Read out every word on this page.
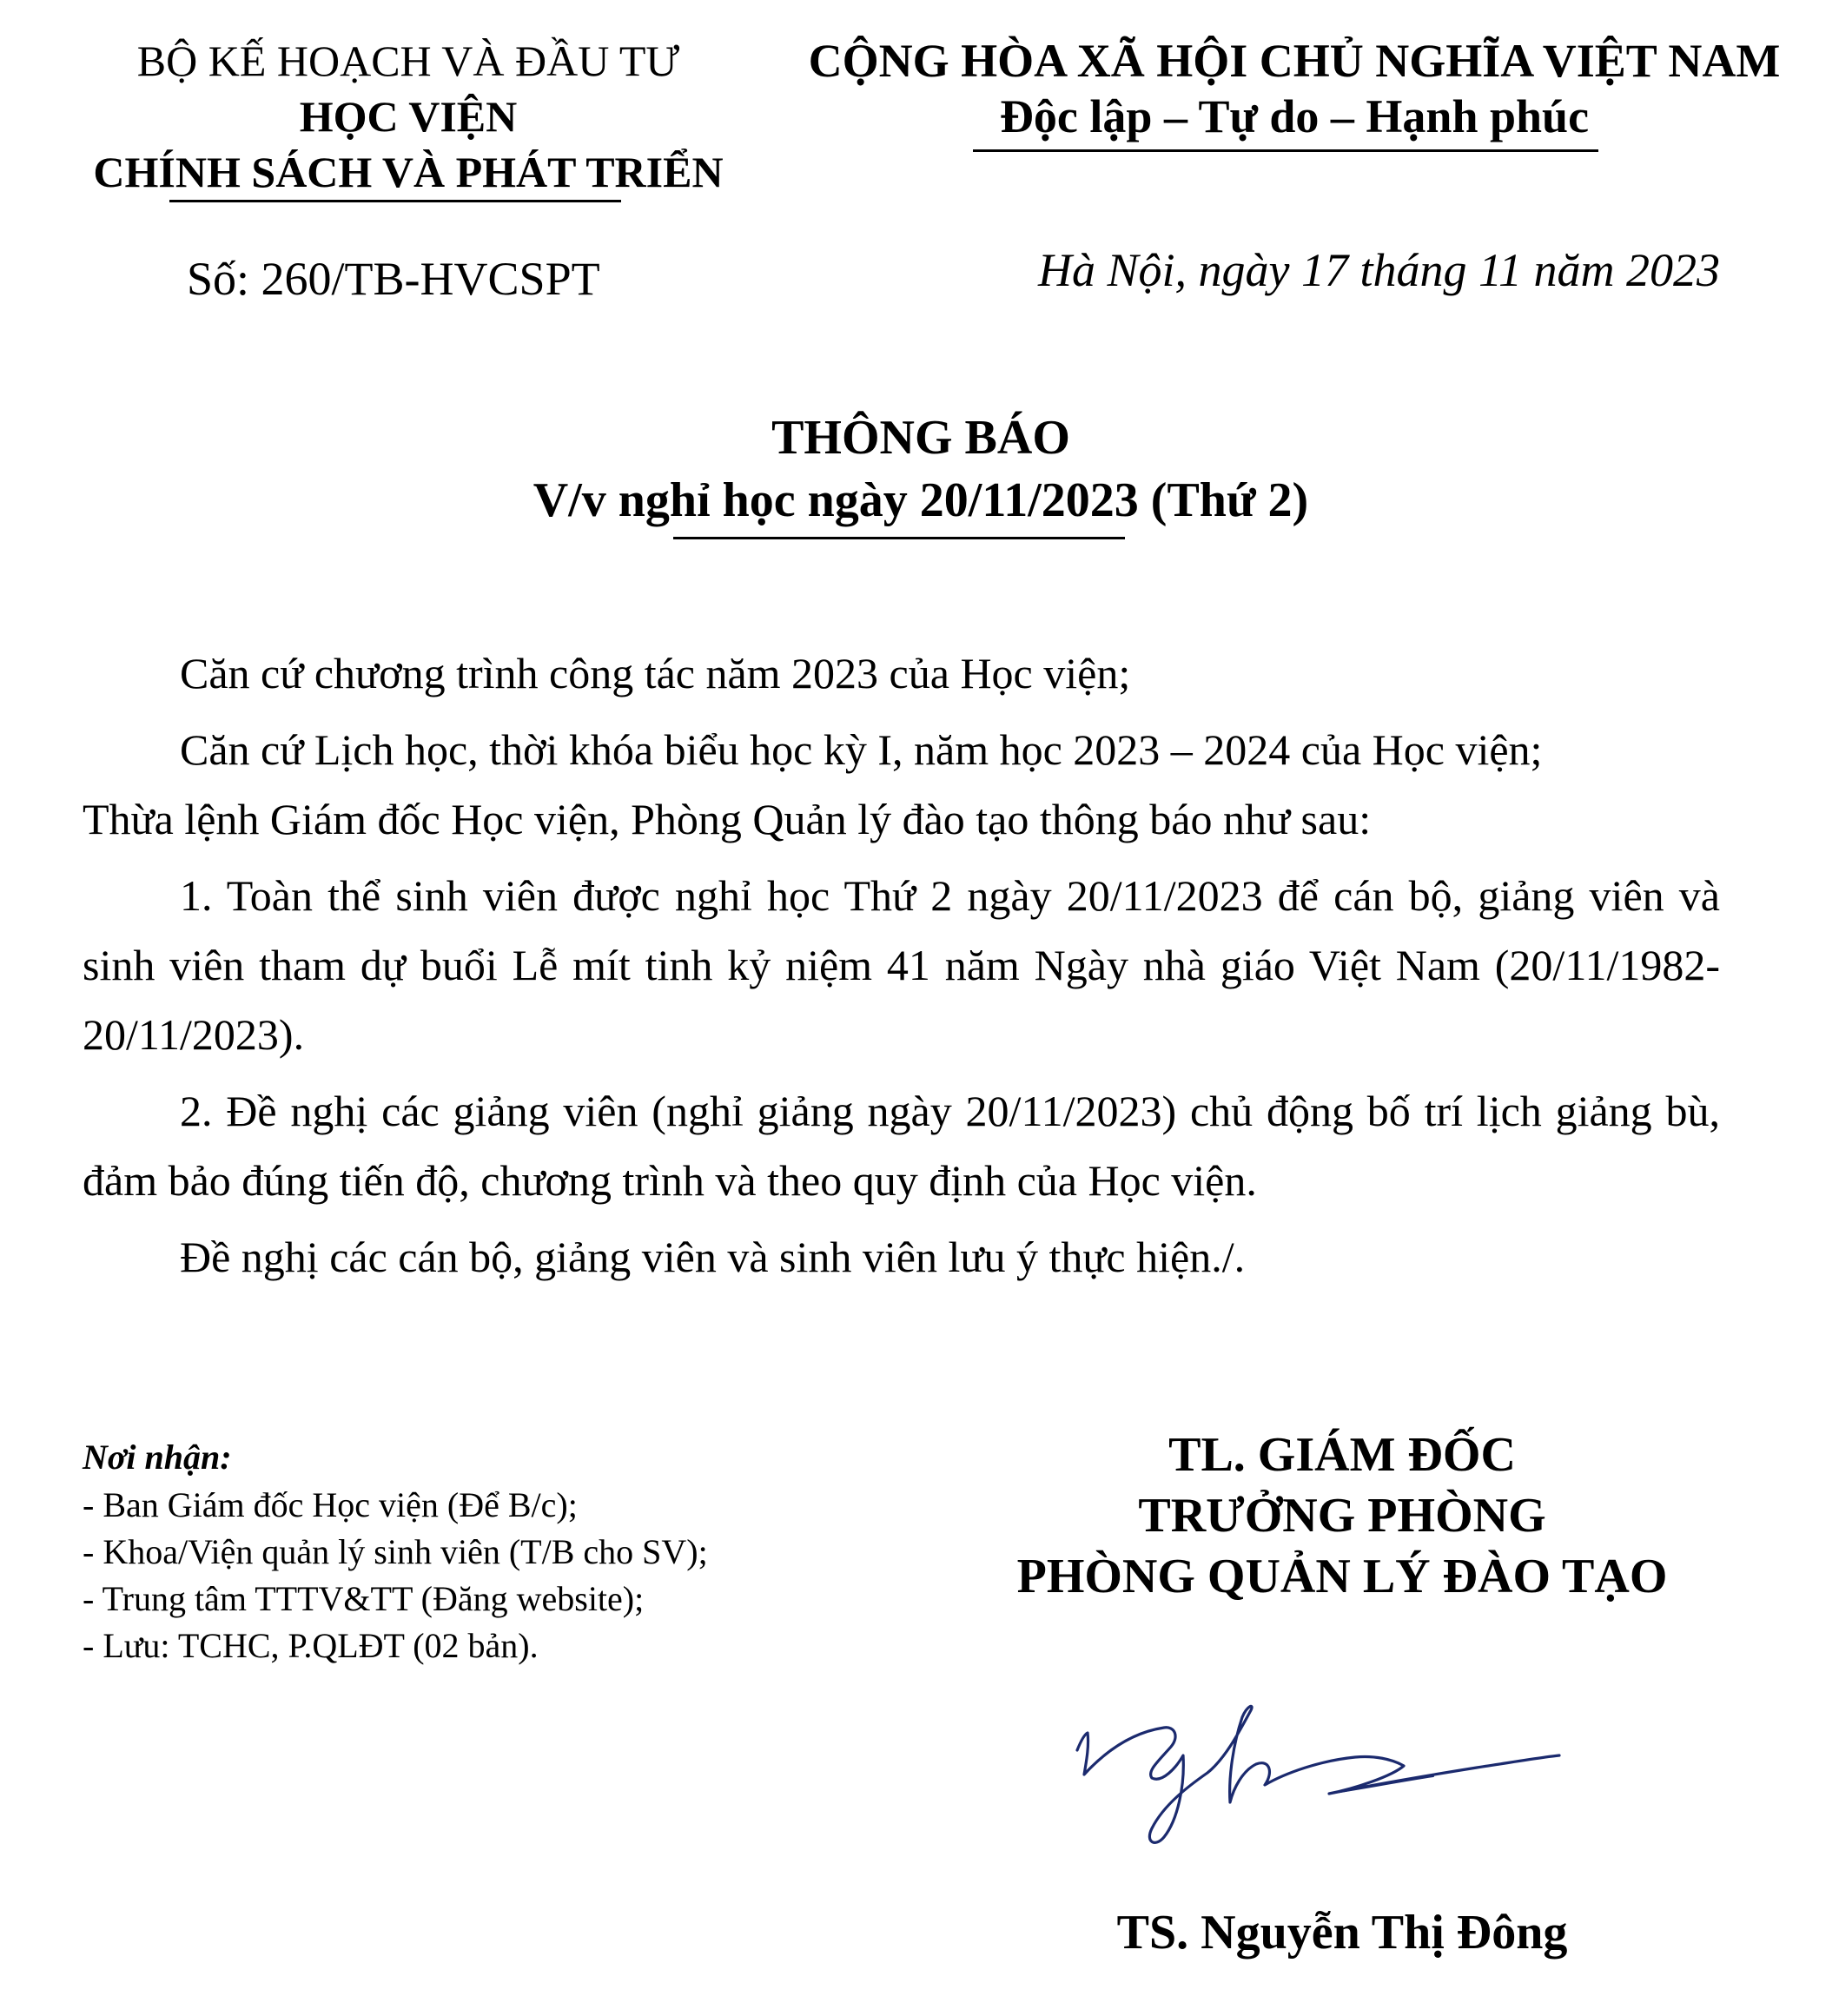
BỘ KẾ HOẠCH VÀ ĐẦU TƯ
HỌC VIỆN
CHÍNH SÁCH VÀ PHÁT TRIỂN
CỘNG HÒA XÃ HỘI CHỦ NGHĨA VIỆT NAM
Độc lập – Tự do – Hạnh phúc
Số: 260/TB-HVCSPT	Hà Nội, ngày 17 tháng 11 năm 2023
THÔNG BÁO
V/v nghỉ học ngày 20/11/2023 (Thứ 2)

Căn cứ chương trình công tác năm 2023 của Học viện;

Căn cứ Lịch học, thời khóa biểu học kỳ I, năm học 2023 – 2024 của Học viện;

Thừa lệnh Giám đốc Học viện, Phòng Quản lý đào tạo thông báo như sau:

1. Toàn thể sinh viên được nghỉ học Thứ 2 ngày 20/11/2023 để cán bộ, giảng viên và sinh viên tham dự buổi Lễ mít tinh kỷ niệm 41 năm Ngày nhà giáo Việt Nam (20/11/1982-20/11/2023).

2. Đề nghị các giảng viên (nghỉ giảng ngày 20/11/2023) chủ động bố trí lịch giảng bù, đảm bảo đúng tiến độ, chương trình và theo quy định của Học viện.

Đề nghị các cán bộ, giảng viên và sinh viên lưu ý thực hiện./.

Nơi nhận:
- Ban Giám đốc Học viện (Để B/c);
- Khoa/Viện quản lý sinh viên (T/B cho SV);
- Trung tâm TTTV&TT (Đăng website);
- Lưu: TCHC, P.QLĐT (02 bản).
TL. GIÁM ĐỐC
TRƯỞNG PHÒNG
PHÒNG QUẢN LÝ ĐÀO TẠO
TS. Nguyễn Thị Đông
